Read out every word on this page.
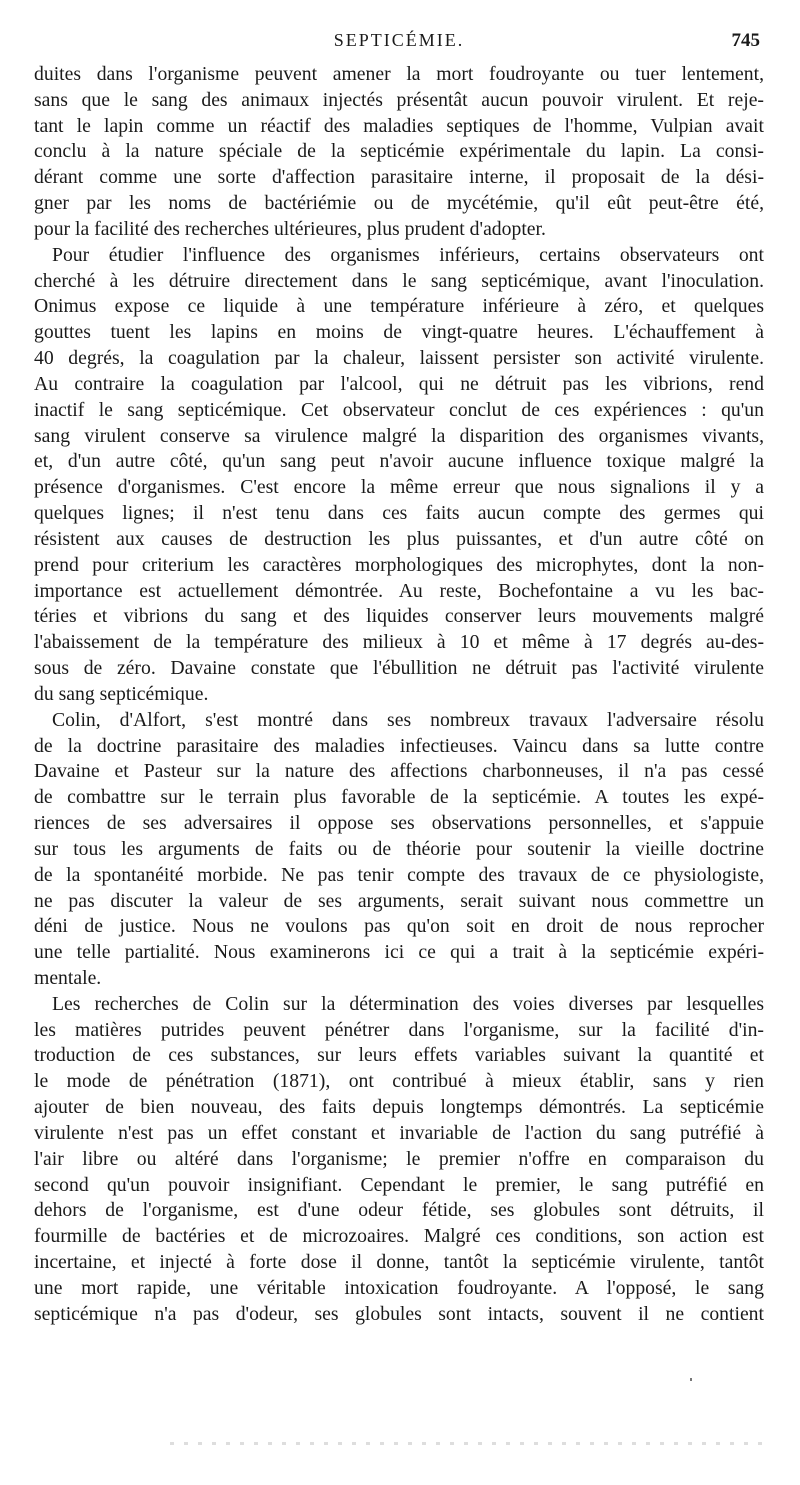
SEPTICÉMIE.	745

duites dans l'organisme peuvent amener la mort foudroyante ou tuer lentement,
sans que le sang des animaux injectés présentât aucun pouvoir virulent. Et reje-
tant le lapin comme un réactif des maladies septiques de l'homme, Vulpian avait
conclu à la nature spéciale de la septicémie expérimentale du lapin. La consi-
dérant comme une sorte d'affection parasitaire interne, il proposait de la dési-
gner par les noms de bactériémie ou de mycétémie, qu'il eût peut-être été,
pour la facilité des recherches ultérieures, plus prudent d'adopter.

Pour étudier l'influence des organismes inférieurs, certains observateurs ont
cherché à les détruire directement dans le sang septicémique, avant l'inoculation.
Onimus expose ce liquide à une température inférieure à zéro, et quelques
gouttes tuent les lapins en moins de vingt-quatre heures. L'échauffement à
40 degrés, la coagulation par la chaleur, laissent persister son activité virulente.
Au contraire la coagulation par l'alcool, qui ne détruit pas les vibrions, rend
inactif le sang septicémique. Cet observateur conclut de ces expériences : qu'un
sang virulent conserve sa virulence malgré la disparition des organismes vivants,
et, d'un autre côté, qu'un sang peut n'avoir aucune influence toxique malgré la
présence d'organismes. C'est encore la même erreur que nous signalions il y a
quelques lignes; il n'est tenu dans ces faits aucun compte des germes qui
résistent aux causes de destruction les plus puissantes, et d'un autre côté on
prend pour criterium les caractères morphologiques des microphytes, dont la non-
importance est actuellement démontrée. Au reste, Bochefontaine a vu les bac-
téries et vibrions du sang et des liquides conserver leurs mouvements malgré
l'abaissement de la température des milieux à 10 et même à 17 degrés au-des-
sous de zéro. Davaine constate que l'ébullition ne détruit pas l'activité virulente
du sang septicémique.

Colin, d'Alfort, s'est montré dans ses nombreux travaux l'adversaire résolu
de la doctrine parasitaire des maladies infectieuses. Vaincu dans sa lutte contre
Davaine et Pasteur sur la nature des affections charbonneuses, il n'a pas cessé
de combattre sur le terrain plus favorable de la septicémie. A toutes les expé-
riences de ses adversaires il oppose ses observations personnelles, et s'appuie
sur tous les arguments de faits ou de théorie pour soutenir la vieille doctrine
de la spontanéité morbide. Ne pas tenir compte des travaux de ce physiologiste,
ne pas discuter la valeur de ses arguments, serait suivant nous commettre un
déni de justice. Nous ne voulons pas qu'on soit en droit de nous reprocher
une telle partialité. Nous examinerons ici ce qui a trait à la septicémie expéri-
mentale.

Les recherches de Colin sur la détermination des voies diverses par lesquelles
les matières putrides peuvent pénétrer dans l'organisme, sur la facilité d'in-
troduction de ces substances, sur leurs effets variables suivant la quantité et
le mode de pénétration (1871), ont contribué à mieux établir, sans y rien
ajouter de bien nouveau, des faits depuis longtemps démontrés. La septicémie
virulente n'est pas un effet constant et invariable de l'action du sang putréfié à
l'air libre ou altéré dans l'organisme; le premier n'offre en comparaison du
second qu'un pouvoir insignifiant. Cependant le premier, le sang putréfié en
dehors de l'organisme, est d'une odeur fétide, ses globules sont détruits, il
fourmille de bactéries et de microzoaires. Malgré ces conditions, son action est
incertaine, et injecté à forte dose il donne, tantôt la septicémie virulente, tantôt
une mort rapide, une véritable intoxication foudroyante. A l'opposé, le sang
septicémique n'a pas d'odeur, ses globules sont intacts, souvent il ne contient
